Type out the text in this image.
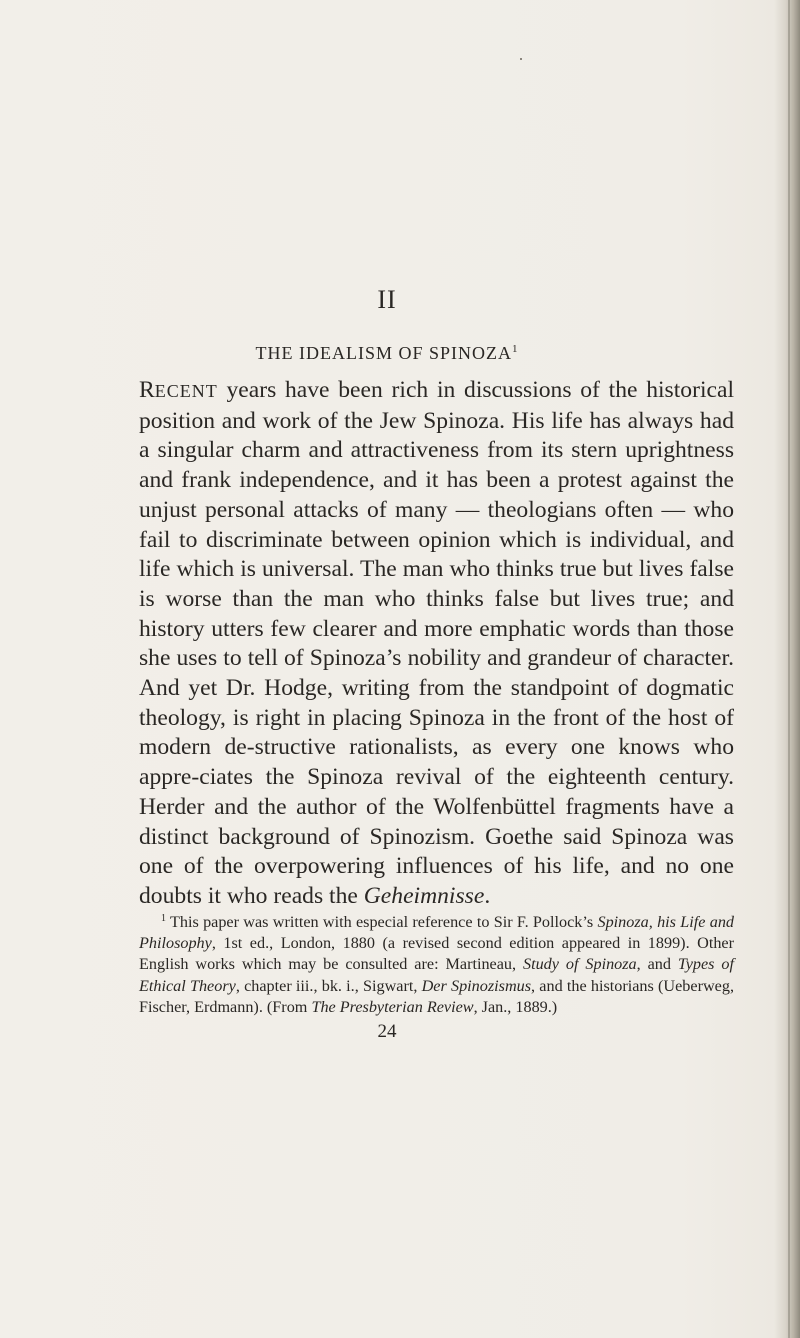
II
THE IDEALISM OF SPINOZA$^1$

RECENT years have been rich in discussions of the historical position and work of the Jew Spinoza. His life has always had a singular charm and attractiveness from its stern uprightness and frank independence, and it has been a protest against the unjust personal attacks of many — theologians often — who fail to discriminate between opinion which is individual, and life which is universal. The man who thinks true but lives false is worse than the man who thinks false but lives true; and history utters few clearer and more emphatic words than those she uses to tell of Spinoza’s nobility and grandeur of character. And yet Dr. Hodge, writing from the standpoint of dogmatic theology, is right in placing Spinoza in the front of the host of modern de-structive rationalists, as every one knows who appre-ciates the Spinoza revival of the eighteenth century. Herder and the author of the Wolfenbüttel fragments have a distinct background of Spinozism. Goethe said Spinoza was one of the overpowering influences of his life, and no one doubts it who reads the Geheimnisse.

$^1$ This paper was written with especial reference to Sir F. Pollock’s Spinoza, his Life and Philosophy, 1st ed., London, 1880 (a revised second edition appeared in 1899). Other English works which may be consulted are: Martineau, Study of Spinoza, and Types of Ethical Theory, chapter iii., bk. i., Sigwart, Der Spinozismus, and the historians (Ueberweg, Fischer, Erdmann). (From The Presbyterian Review, Jan., 1889.)

24
